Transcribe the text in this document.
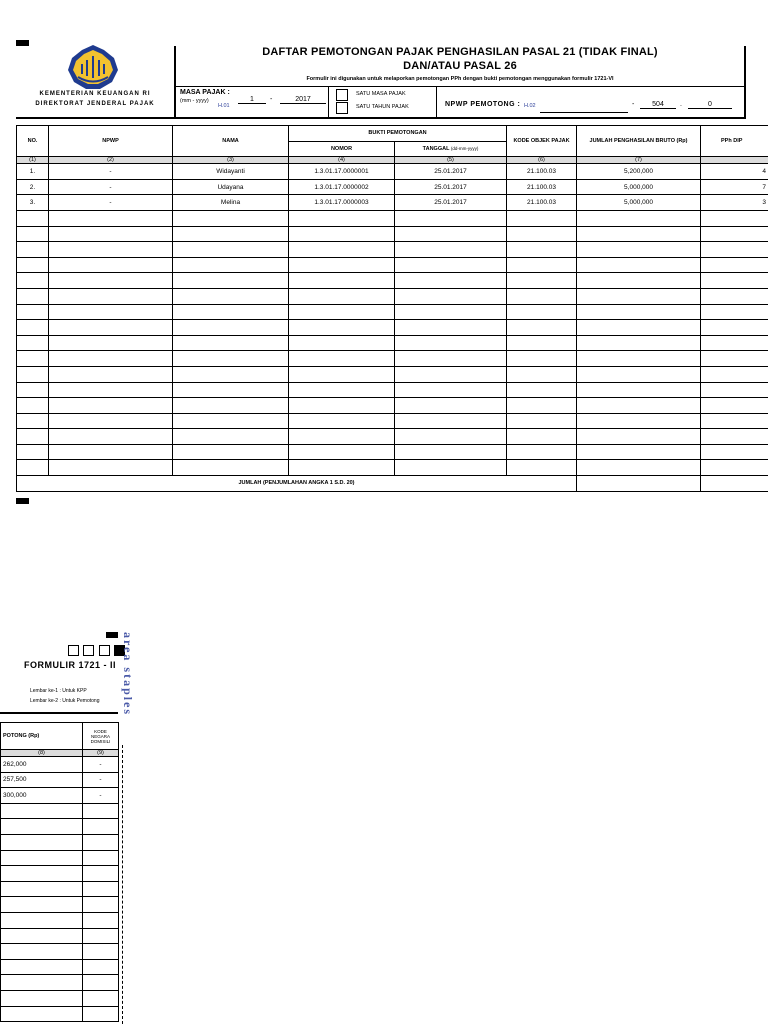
KEMENTERIAN KEUANGAN RI
DIREKTORAT JENDERAL PAJAK
DAFTAR PEMOTONGAN PAJAK PENGHASILAN PASAL 21 (TIDAK FINAL)
DAN/ATAU PASAL 26
Formulir ini digunakan untuk melaporkan pemotongan PPh dengan bukti pemotongan menggunakan formulir 1721-VI
MASA PAJAK :
(mm - yyyy)
H.01
1	-	2017
SATU MASA PAJAK
SATU TAHUN PAJAK	NPWP PEMOTONG : H.02	-	504	.	0
NO.	NPWP	NAMA	BUKTI PEMOTONGAN		KODE OBJEK PAJAK	JUMLAH PENGHASILAN BRUTO (Rp)	PPh DIP
			NOMOR	TANGGAL (dd-mm-yyyy)			
(1)	(2)	(3)	(4)	(5)	(6)	(7)	
1.	-	Widayanti	1.3.01.17.0000001	25.01.2017	21.100.03	5,200,000	4
2.	-	Udayana	1.3.01.17.0000002	25.01.2017	21.100.03	5,000,000	7
3.	-	Melina	1.3.01.17.0000003	25.01.2017	21.100.03	5,000,000	3

JUMLAH (PENJUMLAHAN ANGKA 1 S.D. 20)							

FORMULIR 1721 - II
Lembar ke-1 : Untuk KPP
Lembar ke-2 : Untuk Pemotong area staples
POTONG (Rp)	KODE NEGARA DOMISILI
(8)	(9)
262,000	-
257,500	-
300,000	-
